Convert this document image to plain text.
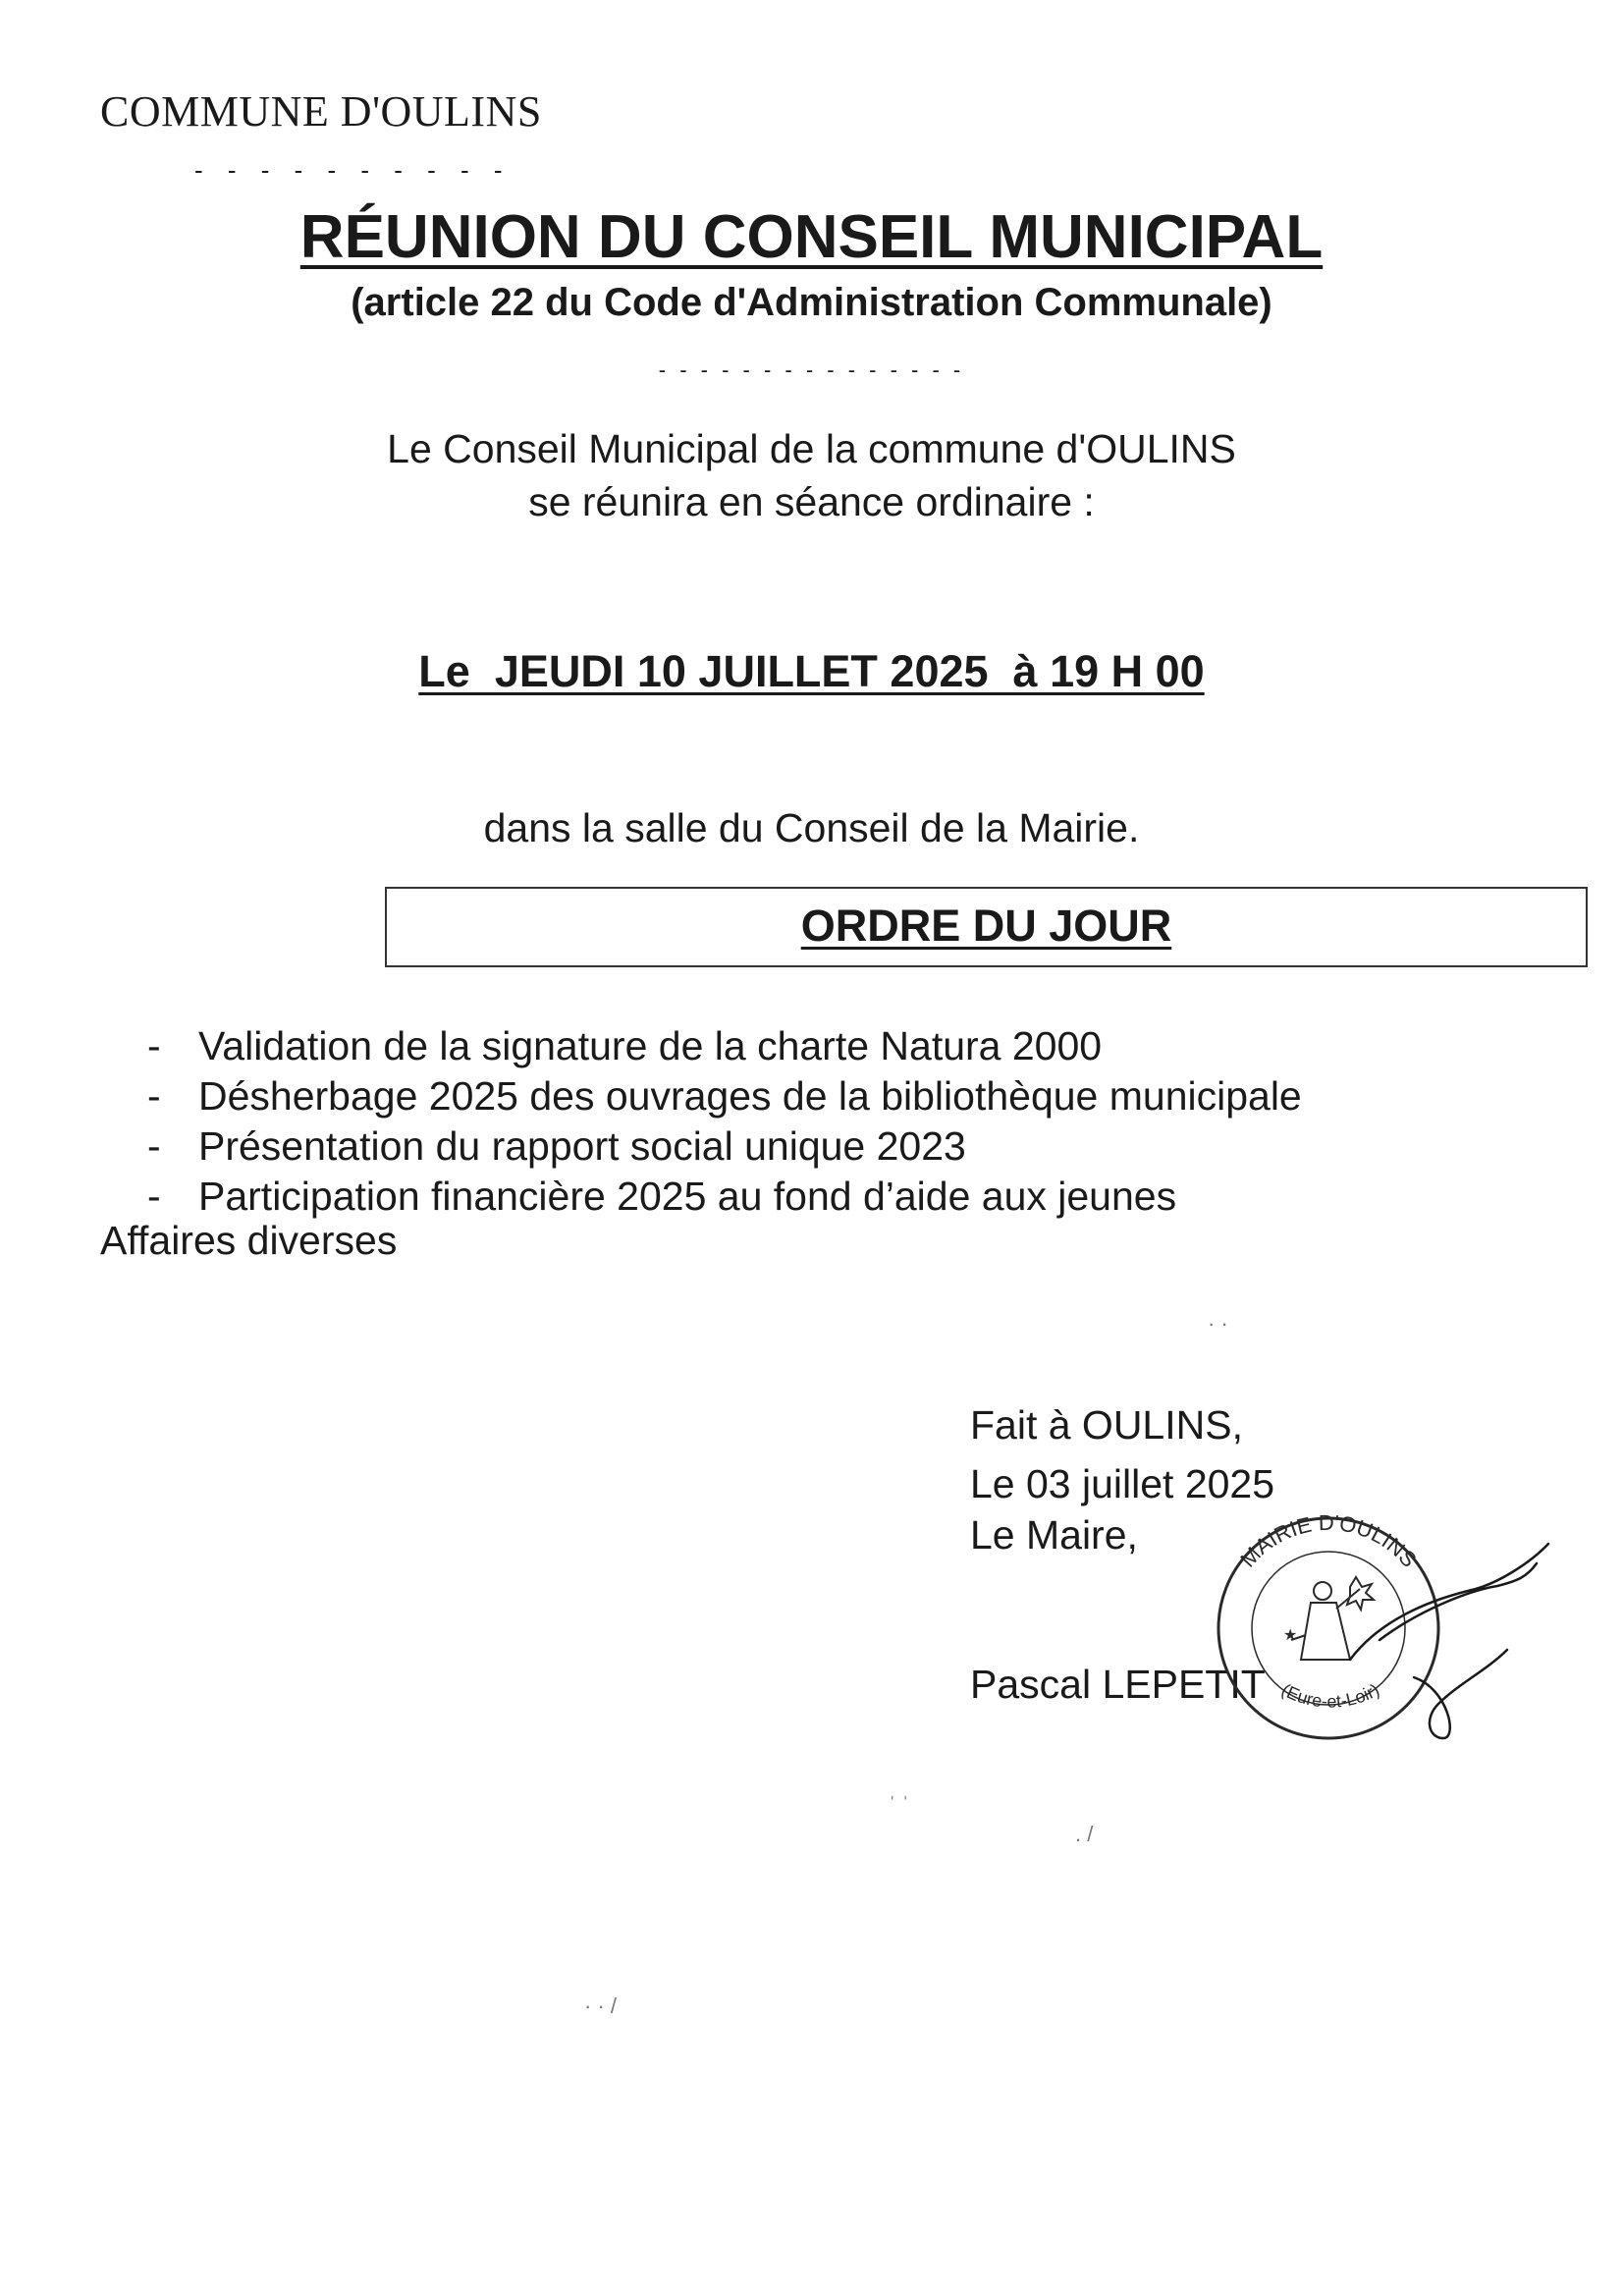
COMMUNE D'OULINS
- - - - - - - - - -
RÉUNION DU CONSEIL MUNICIPAL
(article 22 du Code d'Administration Communale)
- - - - - - - - - - - - - - -
Le Conseil Municipal de la commune d'OULINS
se réunira en séance ordinaire :
Le  JEUDI 10 JUILLET 2025  à 19 H 00
dans la salle du Conseil de la Mairie.
ORDRE DU JOUR
- Validation de la signature de la charte Natura 2000
- Désherbage 2025 des ouvrages de la bibliothèque municipale
- Présentation du rapport social unique 2023
- Participation financière 2025 au fond d’aide aux jeunes
Affaires diverses
Fait à OULINS,
Le 03 juillet 2025
Le Maire,
Pascal LEPETIT
MAIRIE D'OULINS
(Eure-et-Loir)
★
· ·
ˈ ˈ
. /
· · /
